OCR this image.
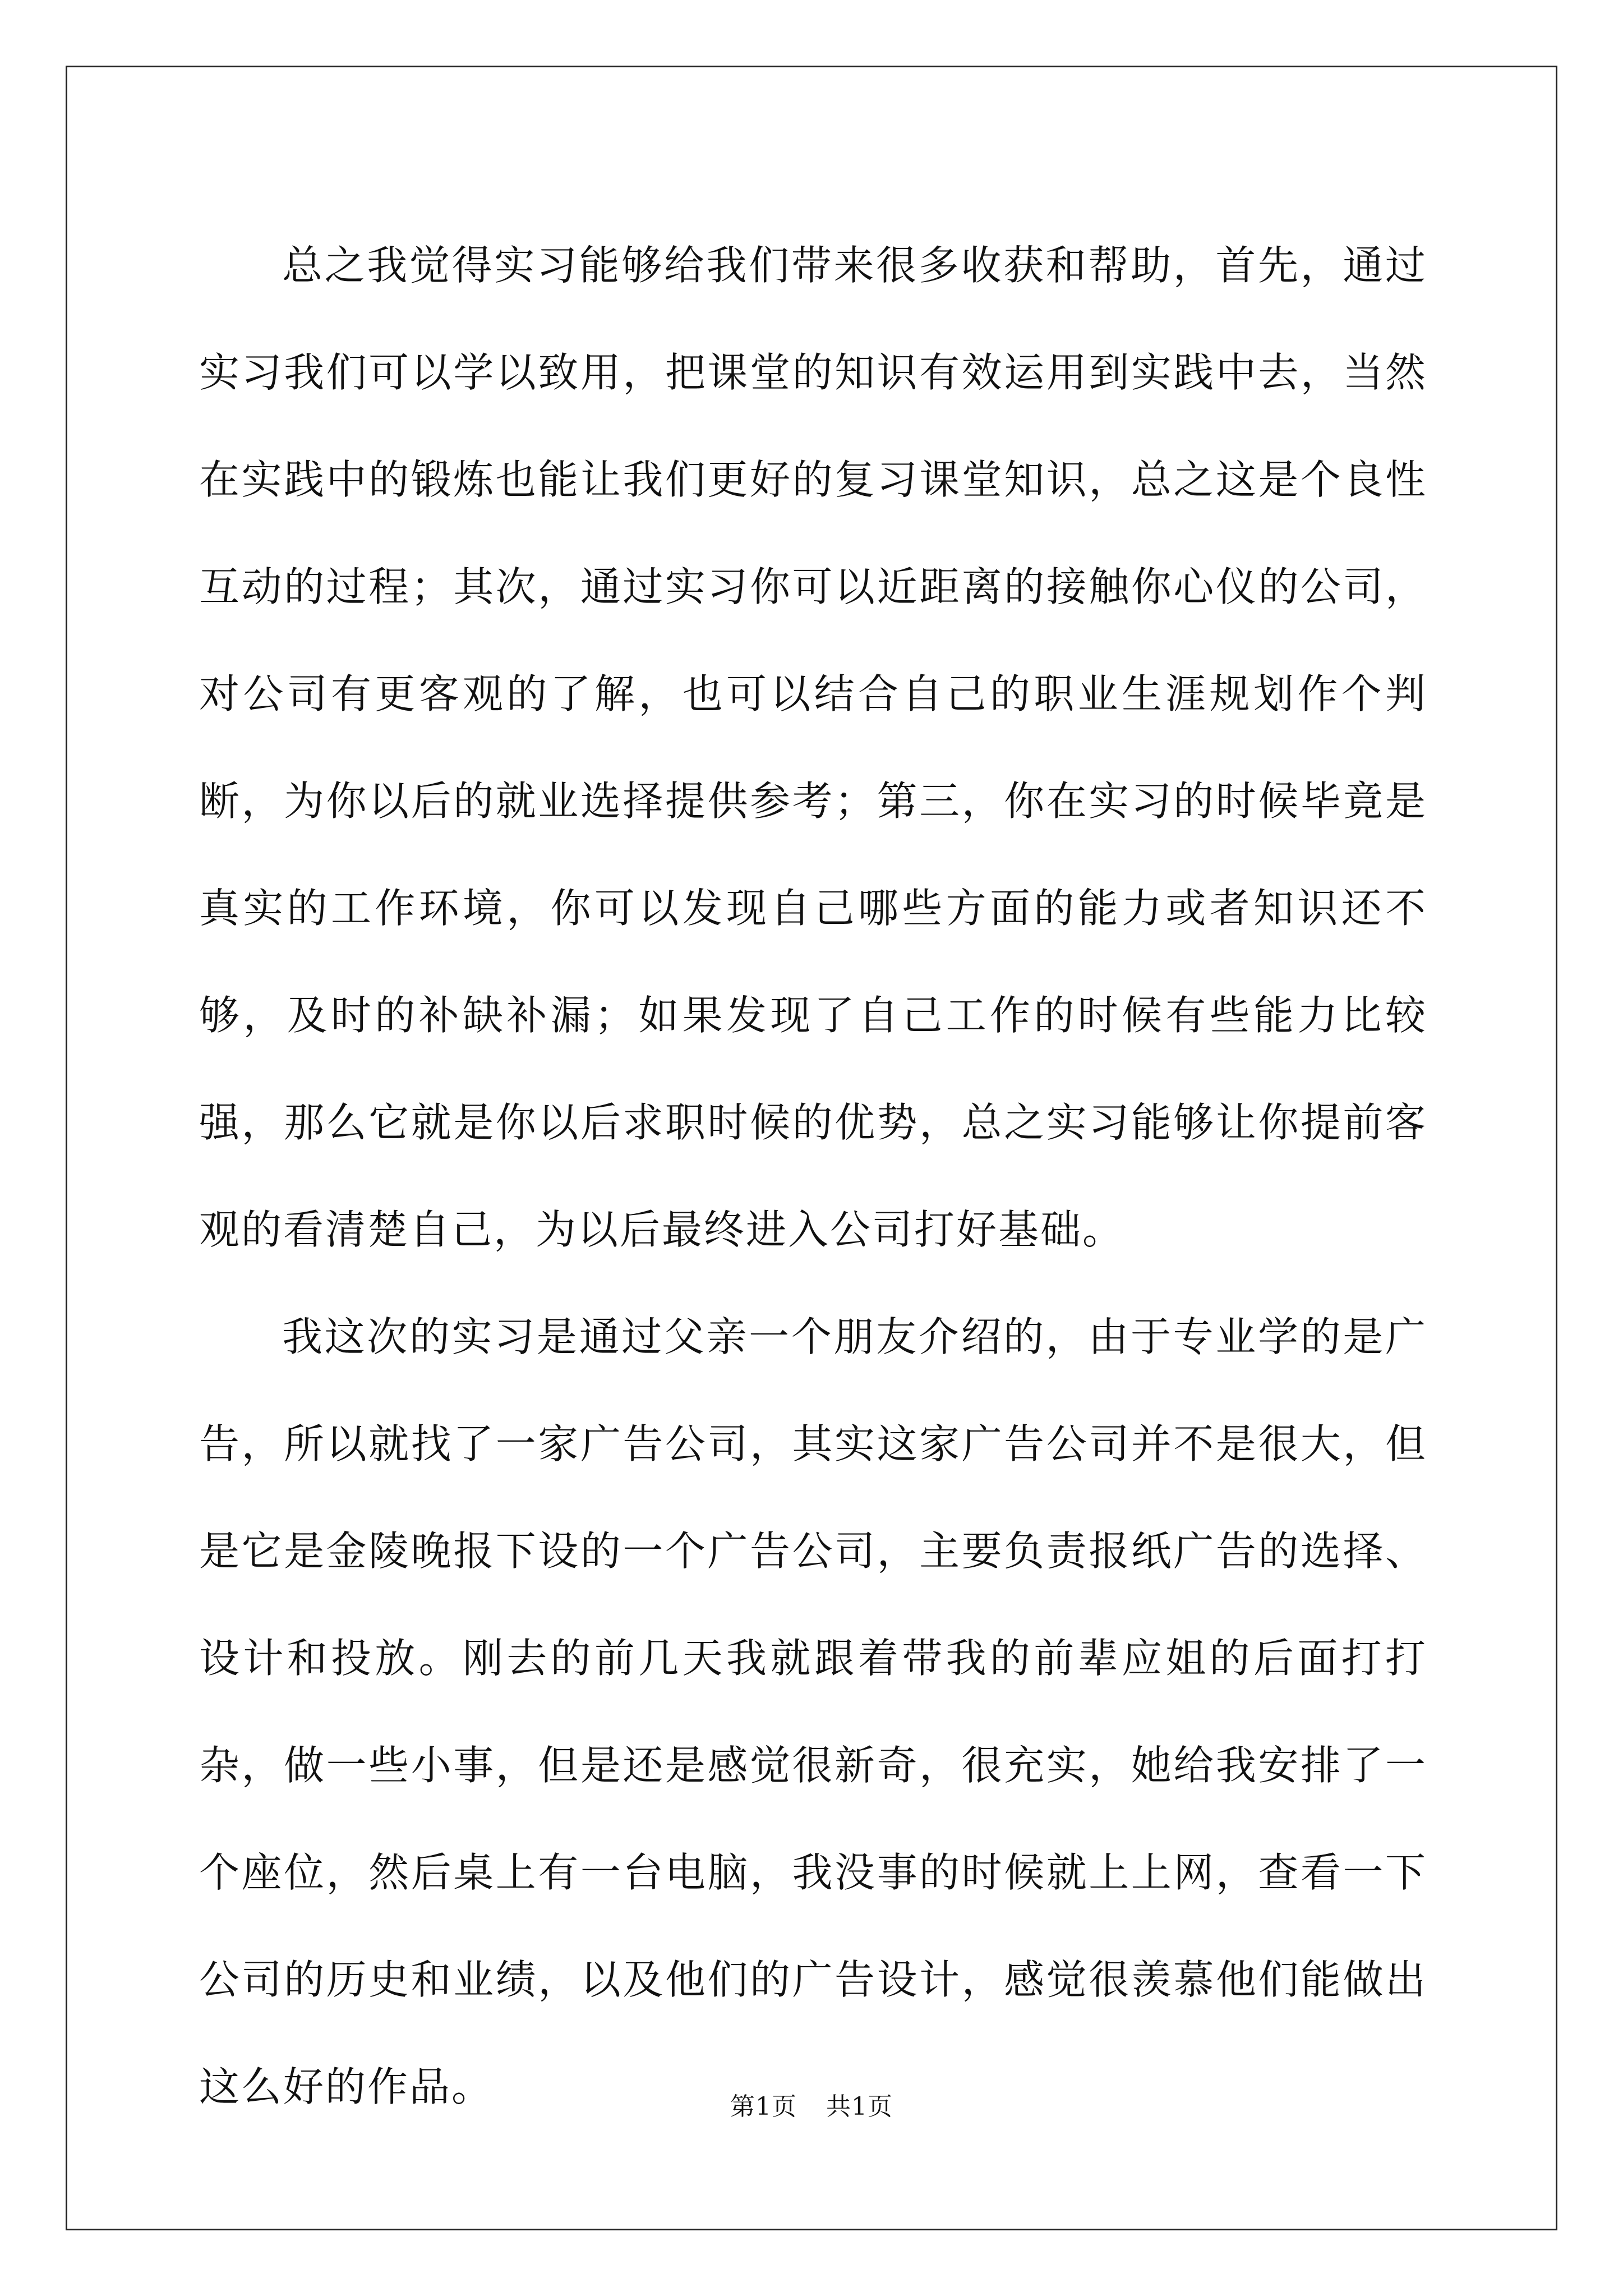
总之我觉得实习能够给我们带来很多收获和帮助，首先，通过实习我们可以学以致用，把课堂的知识有效运用到实践中去，当然在实践中的锻炼也能让我们更好的复习课堂知识，总之这是个良性互动的过程；其次，通过实习你可以近距离的接触你心仪的公司，对公司有更客观的了解，也可以结合自己的职业生涯规划作个判断，为你以后的就业选择提供参考；第三，你在实习的时候毕竟是真实的工作环境，你可以发现自己哪些方面的能力或者知识还不够，及时的补缺补漏；如果发现了自己工作的时候有些能力比较强，那么它就是你以后求职时候的优势，总之实习能够让你提前客观的看清楚自己，为以后最终进入公司打好基础。

我这次的实习是通过父亲一个朋友介绍的，由于专业学的是广告，所以就找了一家广告公司，其实这家广告公司并不是很大，但是它是金陵晚报下设的一个广告公司，主要负责报纸广告的选择、设计和投放。刚去的前几天我就跟着带我的前辈应姐的后面打打杂，做一些小事，但是还是感觉很新奇，很充实，她给我安排了一个座位，然后桌上有一台电脑，我没事的时候就上上网，查看一下公司的历史和业绩，以及他们的广告设计，感觉很羡慕他们能做出这么好的作品。	第1页 共1页
